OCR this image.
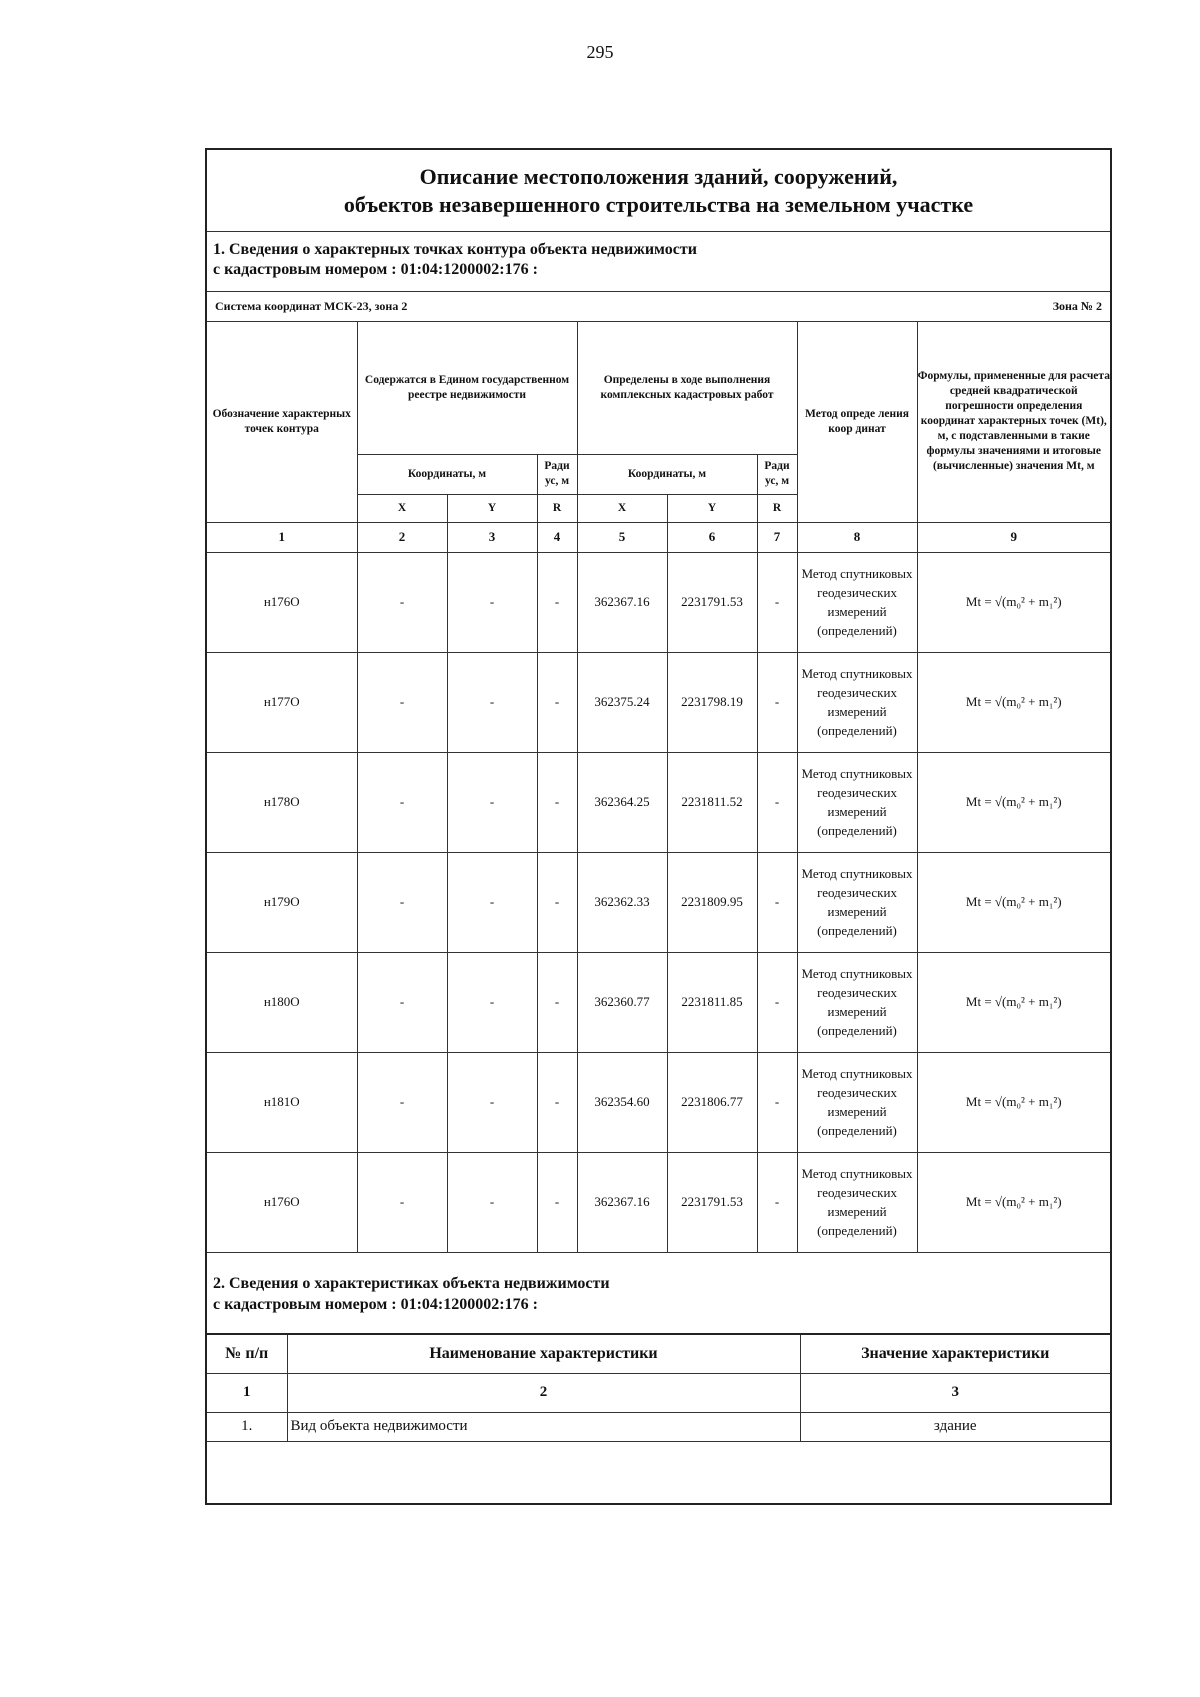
295
Описание местоположения зданий, сооружений,
объектов незавершенного строительства на земельном участке
1. Сведения о характерных точках контура объекта недвижимости
с кадастровым номером : 01:04:1200002:176 :
Система координат МСК-23, зона 2	Зона № 2
Обозначение характерных точек контура	Содержатся в Едином государственном реестре недвижимости			Определены в ходе выполнения комплексных кадастровых работ			Метод опреде ления коор динат	Формулы, примененные для расчета средней квадратической погрешности определения координат характерных точек (Mt), м, с подставленными в такие формулы значениями и итоговые (вычисленные) значения Mt, м
	Координаты, м		Ради ус, м	Координаты, м		Ради ус, м		
	X	Y	R	X	Y	R		
1	2	3	4	5	6	7	8	9
н176О	-	-	-	362367.16	2231791.53	-	Метод спутниковых геодезических измерений (определений)	Mt = √(m₀² + m₁²)
н177О	-	-	-	362375.24	2231798.19	-	Метод спутниковых геодезических измерений (определений)	Mt = √(m₀² + m₁²)
н178О	-	-	-	362364.25	2231811.52	-	Метод спутниковых геодезических измерений (определений)	Mt = √(m₀² + m₁²)
н179О	-	-	-	362362.33	2231809.95	-	Метод спутниковых геодезических измерений (определений)	Mt = √(m₀² + m₁²)
н180О	-	-	-	362360.77	2231811.85	-	Метод спутниковых геодезических измерений (определений)	Mt = √(m₀² + m₁²)
н181О	-	-	-	362354.60	2231806.77	-	Метод спутниковых геодезических измерений (определений)	Mt = √(m₀² + m₁²)
н176О	-	-	-	362367.16	2231791.53	-	Метод спутниковых геодезических измерений (определений)	Mt = √(m₀² + m₁²)
2. Сведения о характеристиках объекта недвижимости
с кадастровым номером : 01:04:1200002:176 :
№ п/п	Наименование характеристики	Значение характеристики
1	2	3
1.	Вид объекта недвижимости	здание
